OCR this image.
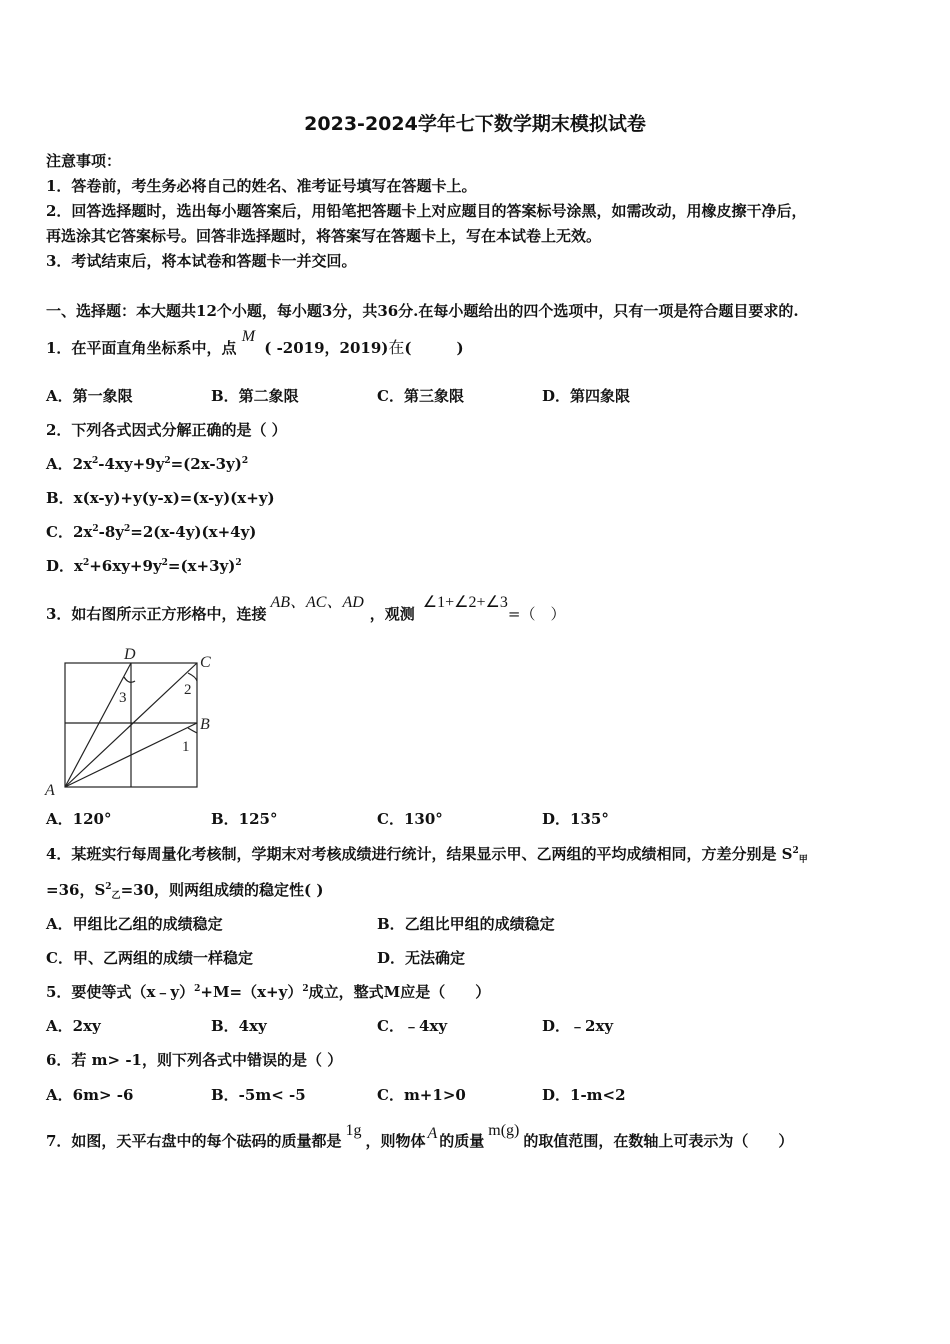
2023-2024学年七下数学期末模拟试卷
注意事项：
1．答卷前，考生务必将自己的姓名、准考证号填写在答题卡上。
2．回答选择题时，选出每小题答案后，用铅笔把答题卡上对应题目的答案标号涂黑，如需改动，用橡皮擦干净后，
再选涂其它答案标号。回答非选择题时，将答案写在答题卡上，写在本试卷上无效。
3．考试结束后，将本试卷和答题卡一并交回。
一、选择题：本大题共12个小题，每小题3分，共36分.在每小题给出的四个选项中，只有一项是符合题目要求的.
1．在平面直角坐标系中，点 M ( -2019，2019)在(　　　)
A．第一象限	B．第二象限	C．第三象限	D．第四象限
2．下列各式因式分解正确的是（ ）
A．$2x^2-4xy+9y^2=(2x-3y)^2$
B．x(x-y)+y(y-x)=(x-y)(x+y)
C．$2x^2-8y^2=2(x-4y)(x+4y)$
D．$x^2+6xy+9y^2=(x+3y)^2$
3．如右图所示正方形格中，连接AB、AC、AD，观测∠1+∠2+∠3=（　）
D	C
B
A
3	2
1
A．120°	B．125°	C．130°	D．135°
4．某班实行每周量化考核制，学期末对考核成绩进行统计，结果显示甲、乙两组的平均成绩相同，方差分别是 $S^2_甲$
=36，$S^2_乙=30$，则两组成绩的稳定性( )
A．甲组比乙组的成绩稳定	B．乙组比甲组的成绩稳定
C．甲、乙两组的成绩一样稳定	D．无法确定
5．要使等式$(x﹣y)^2+M=(x+y)^2$成立，整式M应是（　　）
A．2xy	B．4xy	C．﹣4xy	D．﹣2xy
6．若 m> -1，则下列各式中错误的是（ ）
A．6m> -6	B．-5m< -5	C．m+1>0	D．1-m<2
7．如图，天平右盘中的每个砝码的质量都是1g，则物体 A 的质量m(g)的取值范围，在数轴上可表示为（　　）
